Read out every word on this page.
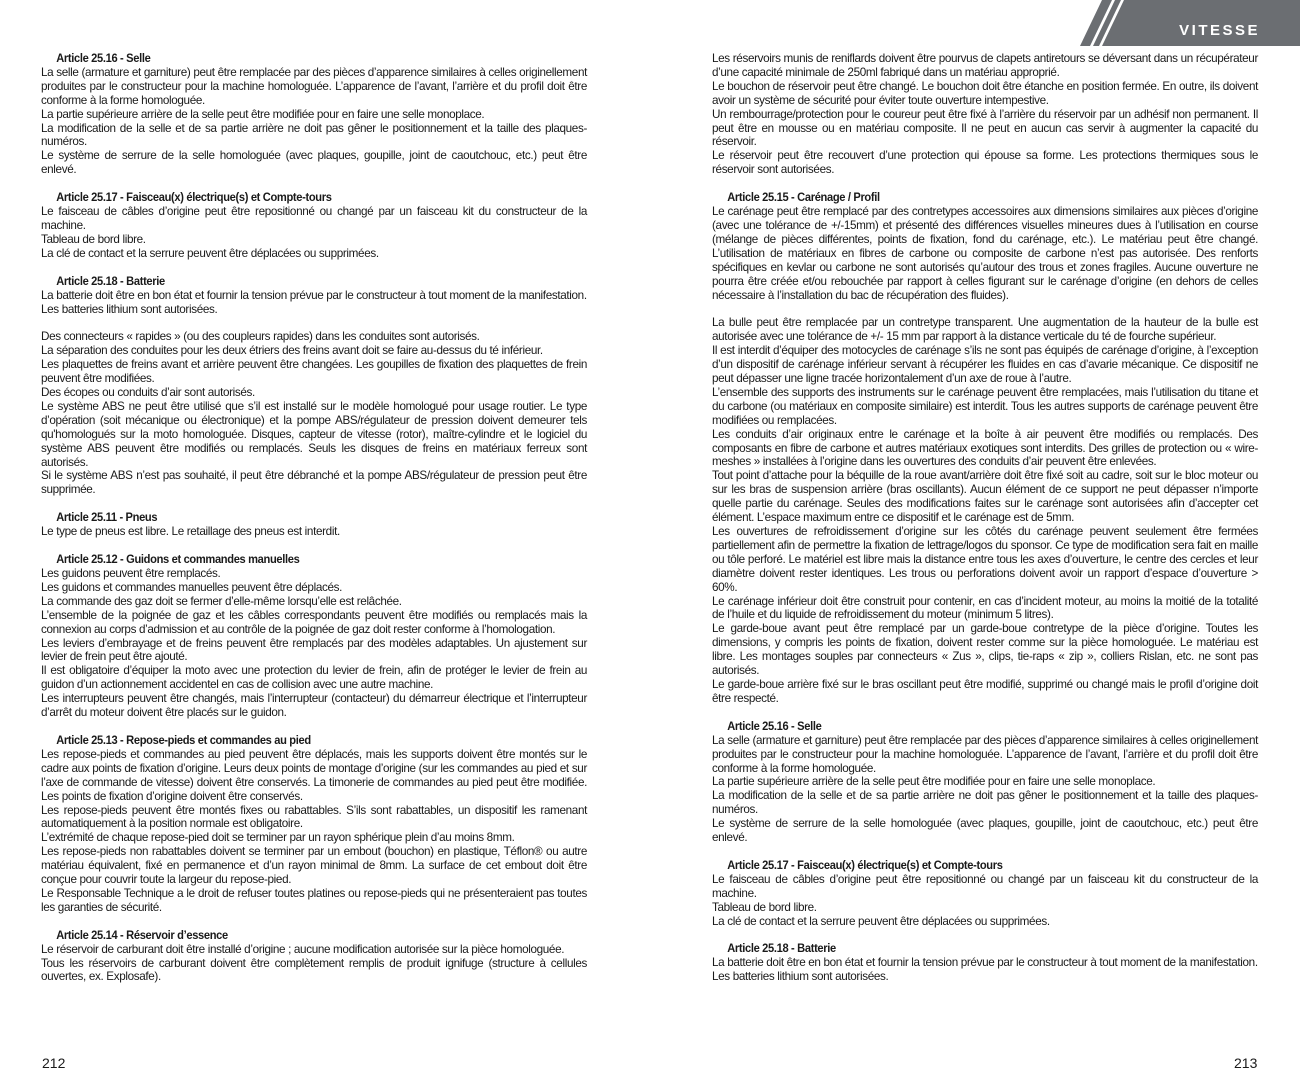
VITESSE
Article 25.16 - Selle

La selle (armature et garniture) peut être remplacée par des pièces d’apparence similaires à celles originellement produites par le constructeur pour la machine homologuée. L’apparence de l’avant, l’arrière et du profil doit être conforme à la forme homologuée.

La partie supérieure arrière de la selle peut être modifiée pour en faire une selle monoplace.

La modification de la selle et de sa partie arrière ne doit pas gêner le positionnement et la taille des plaques-numéros.

Le système de serrure de la selle homologuée (avec plaques, goupille, joint de caoutchouc, etc.) peut être enlevé.

Article 25.17 - Faisceau(x) électrique(s) et Compte-tours

Le faisceau de câbles d’origine peut être repositionné ou changé par un faisceau kit du constructeur de la machine.

Tableau de bord libre.

La clé de contact et la serrure peuvent être déplacées ou supprimées.

Article 25.18 - Batterie

La batterie doit être en bon état et fournir la tension prévue par le constructeur à tout moment de la manifestation.

Les batteries lithium sont autorisées.

Des connecteurs « rapides » (ou des coupleurs rapides) dans les conduites sont autorisés.

La séparation des conduites pour les deux étriers des freins avant doit se faire au-dessus du té inférieur.

Les plaquettes de freins avant et arrière peuvent être changées. Les goupilles de fixation des plaquettes de frein peuvent être modifiées.

Des écopes ou conduits d’air sont autorisés.

Le système ABS ne peut être utilisé que s’il est installé sur le modèle homologué pour usage routier. Le type d’opération (soit mécanique ou électronique) et la pompe ABS/régulateur de pression doivent demeurer tels qu'homologués sur la moto homologuée. Disques, capteur de vitesse (rotor), maître-cylindre et le logiciel du système ABS peuvent être modifiés ou remplacés. Seuls les disques de freins en matériaux ferreux sont autorisés.

Si le système ABS n’est pas souhaité, il peut être débranché et la pompe ABS/régulateur de pression peut être supprimée.

Article 25.11 - Pneus

Le type de pneus est libre. Le retaillage des pneus est interdit.

Article 25.12 - Guidons et commandes manuelles

Les guidons peuvent être remplacés.

Les guidons et commandes manuelles peuvent être déplacés.

La commande des gaz doit se fermer d’elle-même lorsqu’elle est relâchée.

L’ensemble de la poignée de gaz et les câbles correspondants peuvent être modifiés ou remplacés mais la connexion au corps d’admission et au contrôle de la poignée de gaz doit rester conforme à l’homologation.

Les leviers d’embrayage et de freins peuvent être remplacés par des modèles adaptables. Un ajustement sur levier de frein peut être ajouté.

Il est obligatoire d’équiper la moto avec une protection du levier de frein, afin de protéger le levier de frein au guidon d’un actionnement accidentel en cas de collision avec une autre machine.

Les interrupteurs peuvent être changés, mais l’interrupteur (contacteur) du démarreur électrique et l’interrupteur d’arrêt du moteur doivent être placés sur le guidon.

Article 25.13 - Repose-pieds et commandes au pied

Les repose-pieds et commandes au pied peuvent être déplacés, mais les supports doivent être montés sur le cadre aux points de fixation d’origine. Leurs deux points de montage d’origine (sur les commandes au pied et sur l’axe de commande de vitesse) doivent être conservés. La timonerie de commandes au pied peut être modifiée. Les points de fixation d’origine doivent être conservés.

Les repose-pieds peuvent être montés fixes ou rabattables. S’ils sont rabattables, un dispositif les ramenant automatiquement à la position normale est obligatoire.

L’extrémité de chaque repose-pied doit se terminer par un rayon sphérique plein d’au moins 8mm.

Les repose-pieds non rabattables doivent se terminer par un embout (bouchon) en plastique, Téflon® ou autre matériau équivalent, fixé en permanence et d’un rayon minimal de 8mm. La surface de cet embout doit être conçue pour couvrir toute la largeur du repose-pied.

Le Responsable Technique a le droit de refuser toutes platines ou repose-pieds qui ne présenteraient pas toutes les garanties de sécurité.

Article 25.14 - Réservoir d’essence

Le réservoir de carburant doit être installé d’origine ; aucune modification autorisée sur la pièce homologuée.

Tous les réservoirs de carburant doivent être complètement remplis de produit ignifuge (structure à cellules ouvertes, ex. Explosafe).

Les réservoirs munis de reniflards doivent être pourvus de clapets antiretours se déversant dans un récupérateur d’une capacité minimale de 250ml fabriqué dans un matériau approprié.

Le bouchon de réservoir peut être changé. Le bouchon doit être étanche en position fermée. En outre, ils doivent avoir un système de sécurité pour éviter toute ouverture intempestive.

Un rembourrage/protection pour le coureur peut être fixé à l’arrière du réservoir par un adhésif non permanent. Il peut être en mousse ou en matériau composite. Il ne peut en aucun cas servir à augmenter la capacité du réservoir.

Le réservoir peut être recouvert d’une protection qui épouse sa forme. Les protections thermiques sous le réservoir sont autorisées.

Article 25.15 - Carénage / Profil

Le carénage peut être remplacé par des contretypes accessoires aux dimensions similaires aux pièces d’origine (avec une tolérance de +/-15mm) et présenté des différences visuelles mineures dues à l’utilisation en course (mélange de pièces différentes, points de fixation, fond du carénage, etc.). Le matériau peut être changé. L’utilisation de matériaux en fibres de carbone ou composite de carbone n’est pas autorisée. Des renforts spécifiques en kevlar ou carbone ne sont autorisés qu’autour des trous et zones fragiles. Aucune ouverture ne pourra être créée et/ou rebouchée par rapport à celles figurant sur le carénage d’origine (en dehors de celles nécessaire à l’installation du bac de récupération des fluides).

La bulle peut être remplacée par un contretype transparent. Une augmentation de la hauteur de la bulle est autorisée avec une tolérance de +/- 15 mm par rapport à la distance verticale du té de fourche supérieur.

Il est interdit d’équiper des motocycles de carénage s’ils ne sont pas équipés de carénage d’origine, à l’exception d’un dispositif de carénage inférieur servant à récupérer les fluides en cas d’avarie mécanique. Ce dispositif ne peut dépasser une ligne tracée horizontalement d’un axe de roue à l’autre.

L’ensemble des supports des instruments sur le carénage peuvent être remplacées, mais l’utilisation du titane et du carbone (ou matériaux en composite similaire) est interdit. Tous les autres supports de carénage peuvent être modifiées ou remplacées.

Les conduits d’air originaux entre le carénage et la boîte à air peuvent être modifiés ou remplacés. Des composants en fibre de carbone et autres matériaux exotiques sont interdits. Des grilles de protection ou « wire-meshes » installées à l’origine dans les ouvertures des conduits d’air peuvent être enlevées.

Tout point d’attache pour la béquille de la roue avant/arrière doit être fixé soit au cadre, soit sur le bloc moteur ou sur les bras de suspension arrière (bras oscillants). Aucun élément de ce support ne peut dépasser n’importe quelle partie du carénage. Seules des modifications faites sur le carénage sont autorisées afin d’accepter cet élément. L’espace maximum entre ce dispositif et le carénage est de 5mm.

Les ouvertures de refroidissement d’origine sur les côtés du carénage peuvent seulement être fermées partiellement afin de permettre la fixation de lettrage/logos du sponsor. Ce type de modification sera fait en maille ou tôle perforé. Le matériel est libre mais la distance entre tous les axes d’ouverture, le centre des cercles et leur diamètre doivent rester identiques. Les trous ou perforations doivent avoir un rapport d’espace d’ouverture > 60%.

Le carénage inférieur doit être construit pour contenir, en cas d’incident moteur, au moins la moitié de la totalité de l’huile et du liquide de refroidissement du moteur (minimum 5 litres).

Le garde-boue avant peut être remplacé par un garde-boue contretype de la pièce d’origine. Toutes les dimensions, y compris les points de fixation, doivent rester comme sur la pièce homologuée. Le matériau est libre. Les montages souples par connecteurs « Zus », clips, tie-raps « zip », colliers Rislan, etc. ne sont pas autorisés.

Le garde-boue arrière fixé sur le bras oscillant peut être modifié, supprimé ou changé mais le profil d’origine doit être respecté.

Article 25.16 - Selle

La selle (armature et garniture) peut être remplacée par des pièces d’apparence similaires à celles originellement produites par le constructeur pour la machine homologuée. L’apparence de l’avant, l’arrière et du profil doit être conforme à la forme homologuée.

La partie supérieure arrière de la selle peut être modifiée pour en faire une selle monoplace.

La modification de la selle et de sa partie arrière ne doit pas gêner le positionnement et la taille des plaques-numéros.

Le système de serrure de la selle homologuée (avec plaques, goupille, joint de caoutchouc, etc.) peut être enlevé.

Article 25.17 - Faisceau(x) électrique(s) et Compte-tours

Le faisceau de câbles d’origine peut être repositionné ou changé par un faisceau kit du constructeur de la machine.

Tableau de bord libre.

La clé de contact et la serrure peuvent être déplacées ou supprimées.

Article 25.18 - Batterie

La batterie doit être en bon état et fournir la tension prévue par le constructeur à tout moment de la manifestation.

Les batteries lithium sont autorisées.

212	213
